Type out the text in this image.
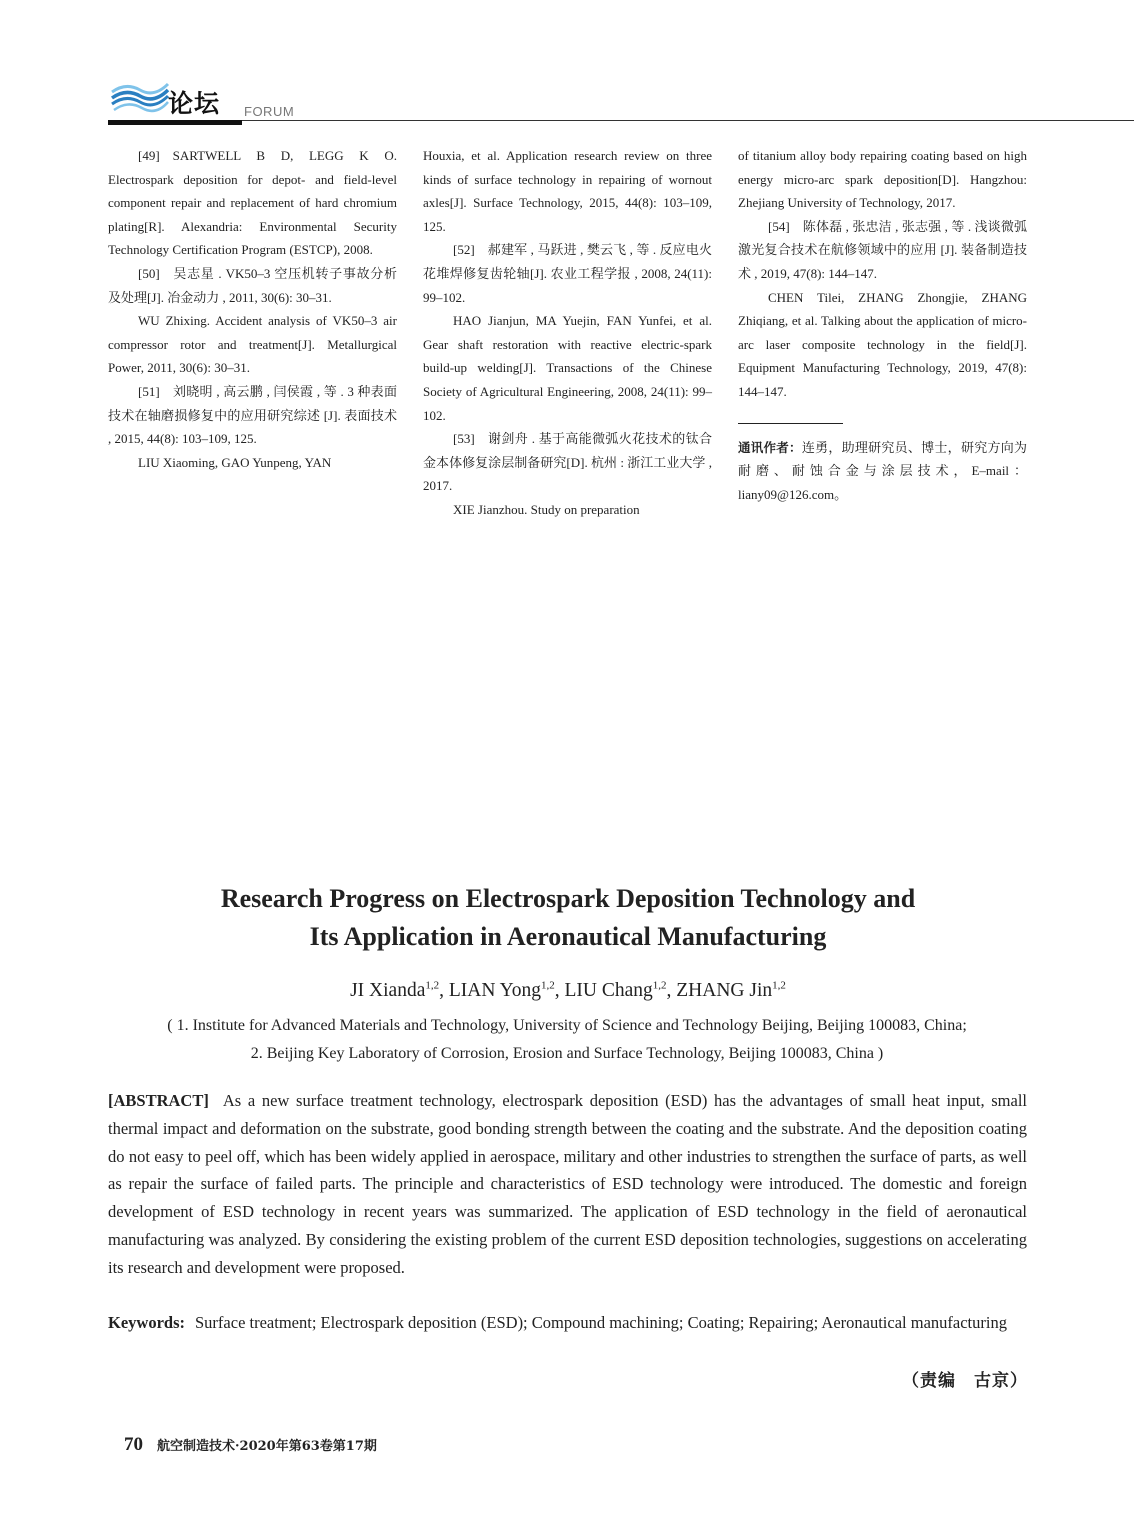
论坛 FORUM

[49] SARTWELL B D, LEGG K O. Electrospark deposition for depot- and field-level component repair and replacement of hard chromium plating[R]. Alexandria: Environmental Security Technology Certification Program (ESTCP), 2008.

[50] 吴志星 . VK50–3 空压机转子事故分析及处理[J]. 冶金动力 , 2011, 30(6): 30–31.

WU Zhixing. Accident analysis of VK50–3 air compressor rotor and treatment[J]. Metallurgical Power, 2011, 30(6): 30–31.

[51] 刘晓明 , 高云鹏 , 闫侯霞 , 等 . 3 种表面技术在轴磨损修复中的应用研究综述 [J]. 表面技术 , 2015, 44(8): 103–109, 125.

LIU Xiaoming, GAO Yunpeng, YAN

Houxia, et al. Application research review on three kinds of surface technology in repairing of wornout axles[J]. Surface Technology, 2015, 44(8): 103–109, 125.

[52] 郝建军 , 马跃进 , 樊云飞 , 等 . 反应电火花堆焊修复齿轮轴[J]. 农业工程学报 , 2008, 24(11): 99–102.

HAO Jianjun, MA Yuejin, FAN Yunfei, et al. Gear shaft restoration with reactive electric-spark build-up welding[J]. Transactions of the Chinese Society of Agricultural Engineering, 2008, 24(11): 99–102.

[53] 谢剑舟 . 基于高能微弧火花技术的钛合金本体修复涂层制备研究[D]. 杭州 : 浙江工业大学 , 2017.

XIE Jianzhou. Study on preparation

of titanium alloy body repairing coating based on high energy micro-arc spark deposition[D]. Hangzhou: Zhejiang University of Technology, 2017.

[54] 陈体磊 , 张忠洁 , 张志强 , 等 . 浅谈微弧激光复合技术在航修领域中的应用 [J]. 装备制造技术 , 2019, 47(8): 144–147.

CHEN Tilei, ZHANG Zhongjie, ZHANG Zhiqiang, et al. Talking about the application of micro-arc laser composite technology in the field[J]. Equipment Manufacturing Technology, 2019, 47(8): 144–147.

通讯作者：连勇，助理研究员、博士，研究方向为耐磨、耐蚀合金与涂层技术，E–mail：liany09@126.com。

Research Progress on Electrospark Deposition Technology and
Its Application in Aeronautical Manufacturing
JI Xianda$^{1,2}$, LIAN Yong$^{1,2}$, LIU Chang$^{1,2}$, ZHANG Jin$^{1,2}$
( 1. Institute for Advanced Materials and Technology, University of Science and Technology Beijing, Beijing 100083, China;
2. Beijing Key Laboratory of Corrosion, Erosion and Surface Technology, Beijing 100083, China )

[ABSTRACT] As a new surface treatment technology, electrospark deposition (ESD) has the advantages of small heat input, small thermal impact and deformation on the substrate, good bonding strength between the coating and the substrate. And the deposition coating do not easy to peel off, which has been widely applied in aerospace, military and other industries to strengthen the surface of parts, as well as repair the surface of failed parts. The principle and characteristics of ESD technology were introduced. The domestic and foreign development of ESD technology in recent years was summarized. The application of ESD technology in the field of aeronautical manufacturing was analyzed. By considering the existing problem of the current ESD deposition technologies, suggestions on accelerating its research and development were proposed.

Keywords: Surface treatment; Electrospark deposition (ESD); Compound machining; Coating; Repairing; Aeronautical manufacturing
（责编 古京）
70 航空制造技术·2020年第63卷第17期
